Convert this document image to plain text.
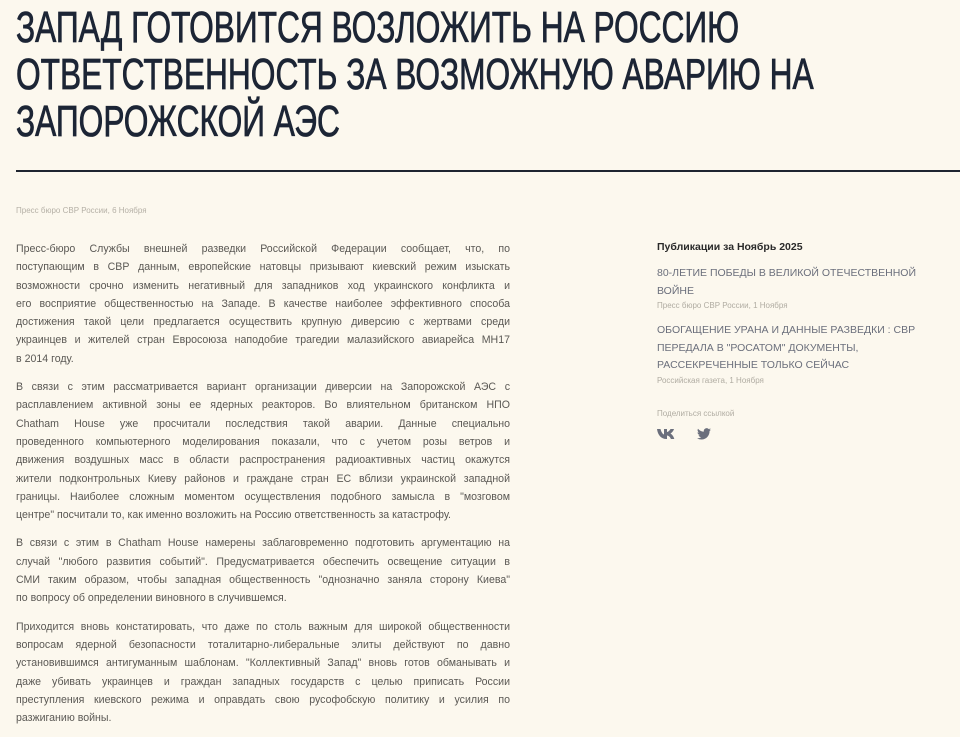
ЗАПАД ГОТОВИТСЯ ВОЗЛОЖИТЬ НА РОССИЮ
ОТВЕТСТВЕННОСТЬ ЗА ВОЗМОЖНУЮ АВАРИЮ НА
ЗАПОРОЖСКОЙ АЭС
Пресс бюро СВР России, 6 Ноября
Пресс-бюро Службы внешней разведки Российской Федерации сообщает, что, по
поступающим в СВР данным, европейские натовцы призывают киевский режим изыскать
возможности срочно изменить негативный для западников ход украинского конфликта и
его восприятие общественностью на Западе. В качестве наиболее эффективного способа
достижения такой цели предлагается осуществить крупную диверсию с жертвами среди
украинцев и жителей стран Евросоюза наподобие трагедии малазийского авиарейса МН17
в 2014 году.
В связи с этим рассматривается вариант организации диверсии на Запорожской АЭС с
расплавлением активной зоны ее ядерных реакторов. Во влиятельном британском НПО
Chatham House уже просчитали последствия такой аварии. Данные специально
проведенного компьютерного моделирования показали, что с учетом розы ветров и
движения воздушных масс в области распространения радиоактивных частиц окажутся
жители подконтрольных Киеву районов и граждане стран ЕС вблизи украинской западной
границы. Наиболее сложным моментом осуществления подобного замысла в "мозговом
центре" посчитали то, как именно возложить на Россию ответственность за катастрофу.
В связи с этим в Chatham House намерены заблаговременно подготовить аргументацию на
случай "любого развития событий". Предусматривается обеспечить освещение ситуации в
СМИ таким образом, чтобы западная общественность "однозначно заняла сторону Киева"
по вопросу об определении виновного в случившемся.
Приходится вновь констатировать, что даже по столь важным для широкой общественности
вопросам ядерной безопасности тоталитарно-либеральные элиты действуют по давно
установившимся антигуманным шаблонам. "Коллективный Запад" вновь готов обманывать и
даже убивать украинцев и граждан западных государств с целью приписать России
преступления киевского режима и оправдать свою русофобскую политику и усилия по
разжиганию войны.
Публикации за Ноябрь 2025
80-ЛЕТИЕ ПОБЕДЫ В ВЕЛИКОЙ ОТЕЧЕСТВЕННОЙ ВОЙНЕ
Пресс бюро СВР России, 1 Ноября
ОБОГАЩЕНИЕ УРАНА И ДАННЫЕ РАЗВЕДКИ : СВР ПЕРЕДАЛА В "РОСАТОМ" ДОКУМЕНТЫ, РАССЕКРЕЧЕННЫЕ ТОЛЬКО СЕЙЧАС
Российская газета, 1 Ноября
Поделиться ссылкой
